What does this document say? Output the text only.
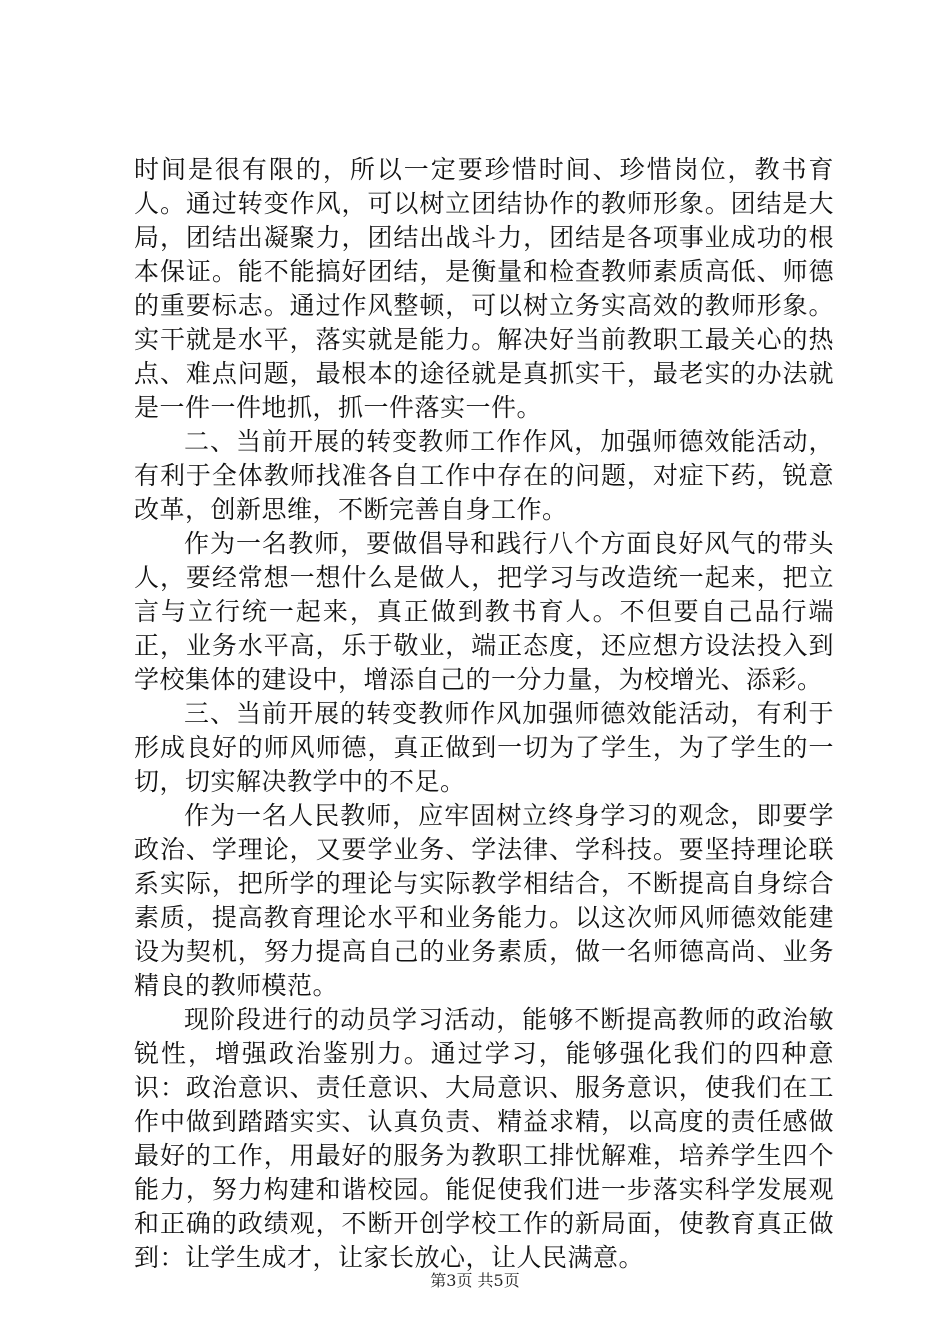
时间是很有限的，所以一定要珍惜时间、珍惜岗位，教书育人。通过转变作风，可以树立团结协作的教师形象。团结是大局，团结出凝聚力，团结出战斗力，团结是各项事业成功的根本保证。能不能搞好团结，是衡量和检查教师素质高低、师德的重要标志。通过作风整顿，可以树立务实高效的教师形象。实干就是水平，落实就是能力。解决好当前教职工最关心的热点、难点问题，最根本的途径就是真抓实干，最老实的办法就是一件一件地抓，抓一件落实一件。

二、当前开展的转变教师工作作风，加强师德效能活动，有利于全体教师找准各自工作中存在的问题，对症下药，锐意改革，创新思维，不断完善自身工作。

作为一名教师，要做倡导和践行八个方面良好风气的带头人，要经常想一想什么是做人，把学习与改造统一起来，把立言与立行统一起来，真正做到教书育人。不但要自己品行端正，业务水平高，乐于敬业，端正态度，还应想方设法投入到学校集体的建设中，增添自己的一分力量，为校增光、添彩。

三、当前开展的转变教师作风加强师德效能活动，有利于形成良好的师风师德，真正做到一切为了学生，为了学生的一切，切实解决教学中的不足。

作为一名人民教师，应牢固树立终身学习的观念，即要学政治、学理论，又要学业务、学法律、学科技。要坚持理论联系实际，把所学的理论与实际教学相结合，不断提高自身综合素质，提高教育理论水平和业务能力。以这次师风师德效能建设为契机，努力提高自己的业务素质，做一名师德高尚、业务精良的教师模范。

现阶段进行的动员学习活动，能够不断提高教师的政治敏锐性，增强政治鉴别力。通过学习，能够强化我们的四种意识：政治意识、责任意识、大局意识、服务意识，使我们在工作中做到踏踏实实、认真负责、精益求精，以高度的责任感做最好的工作，用最好的服务为教职工排忧解难，培养学生四个能力，努力构建和谐校园。能促使我们进一步落实科学发展观和正确的政绩观，不断开创学校工作的新局面，使教育真正做到：让学生成才，让家长放心，让人民满意。

第3页 共5页
